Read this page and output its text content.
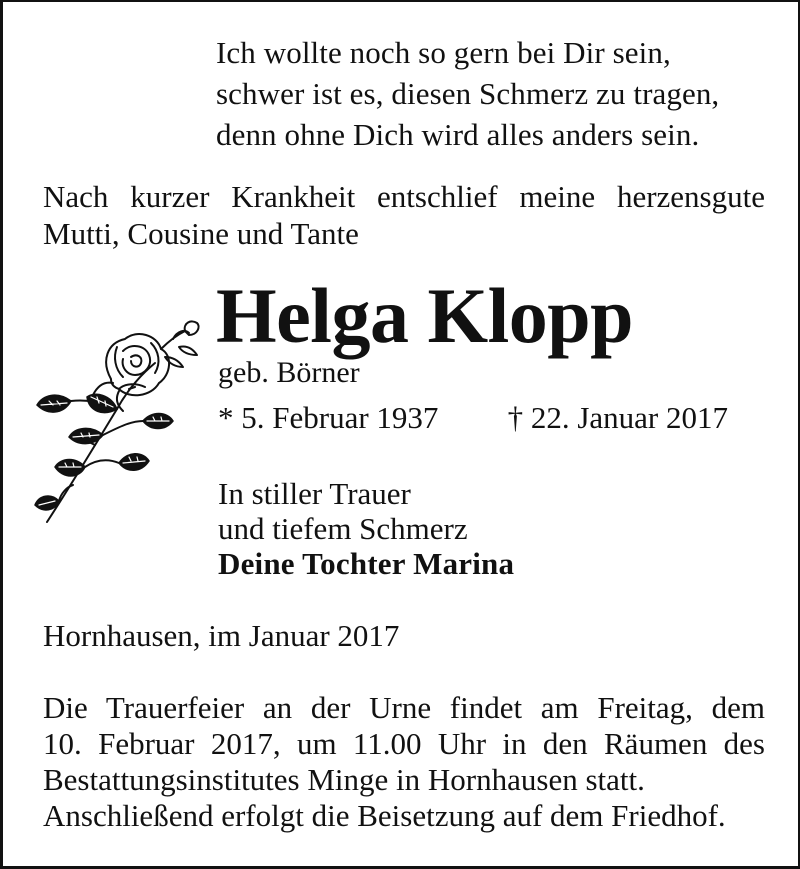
Ich wollte noch so gern bei Dir sein,
schwer ist es, diesen Schmerz zu tragen,
denn ohne Dich wird alles anders sein.
Nach kurzer Krankheit entschlief meine herzensgute
Mutti, Cousine und Tante
Helga Klopp
geb. Börner
* 5. Februar 1937 † 22. Januar 2017
In stiller Trauer
und tiefem Schmerz
Deine Tochter Marina
Hornhausen, im Januar 2017
Die Trauerfeier an der Urne findet am Freitag, dem
10. Februar 2017, um 11.00 Uhr in den Räumen des
Bestattungsinstitutes Minge in Hornhausen statt.
Anschließend erfolgt die Beisetzung auf dem Friedhof.
